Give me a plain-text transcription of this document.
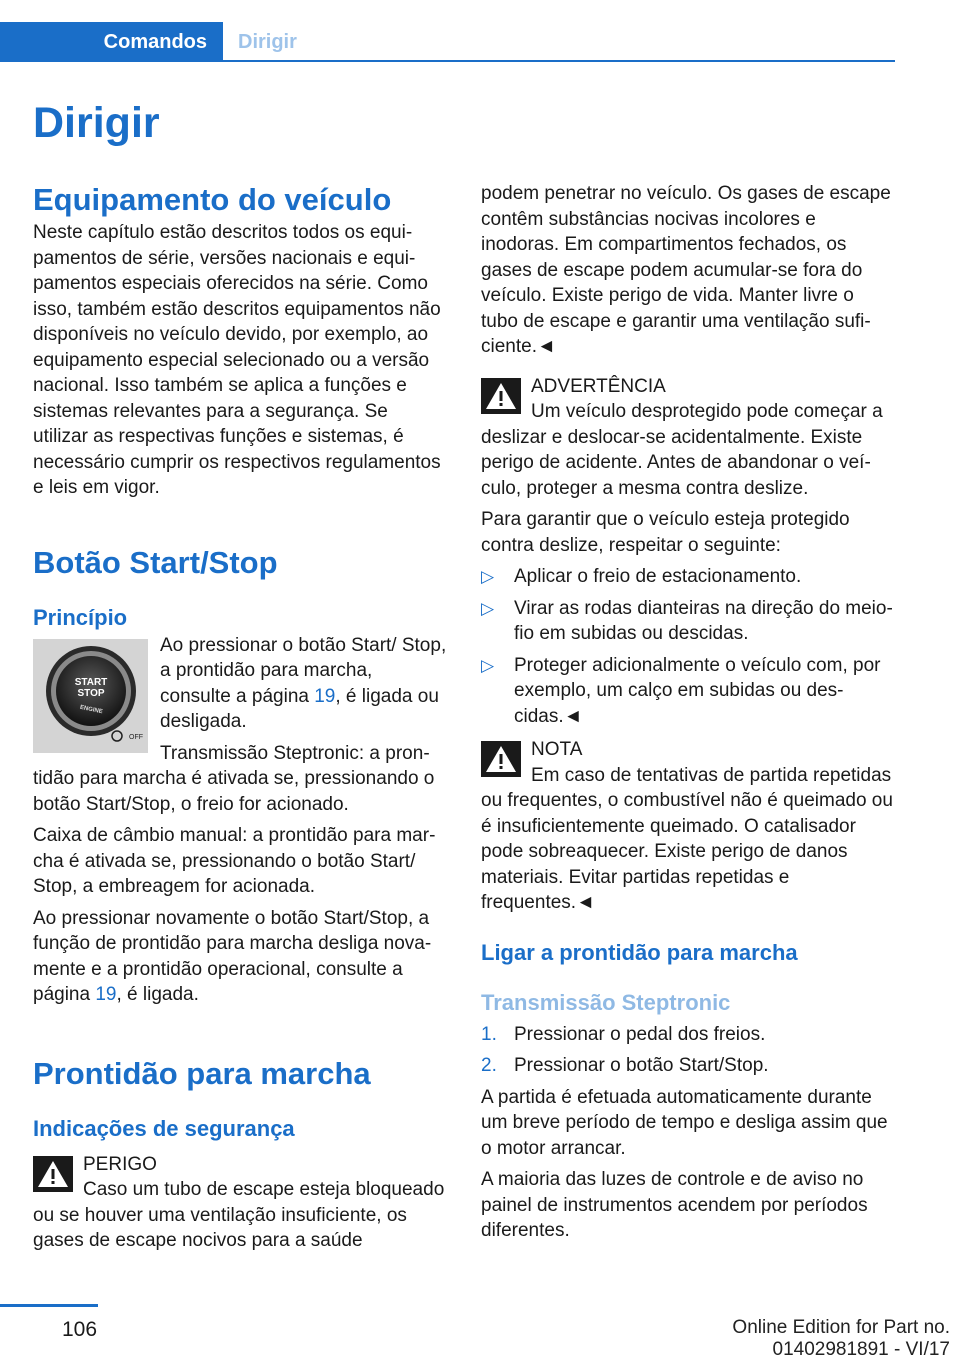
Comandos	Dirigir
Dirigir
Equipamento do veículo

Neste capítulo estão descritos todos os equipamentos de série, versões nacionais e equipamentos especiais oferecidos na série. Como isso, também estão descritos equipamentos não disponíveis no veículo devido, por exemplo, ao equipamento especial selecionado ou a versão nacional. Isso também se aplica a funções e sistemas relevantes para a segurança. Se utilizar as respectivas funções e sistemas, é necessário cumprir os respectivos regulamentos e leis em vigor.

Botão Start/Stop
Princípio
START
STOP
ENGINE
OFF

Ao pressionar o botão Start/ Stop, a prontidão para marcha, consulte a página 19, é ligada ou desligada.

Transmissão Steptronic: a prontidão para marcha é ativada se, pressionando o botão Start/Stop, o freio for acionado.

Caixa de câmbio manual: a prontidão para marcha é ativada se, pressionando o botão Start/ Stop, a embreagem for acionada.

Ao pressionar novamente o botão Start/Stop, a função de prontidão para marcha desliga novamente e a prontidão operacional, consulte a página 19, é ligada.

Prontidão para marcha
Indicações de segurança
PERIGO
Caso um tubo de escape esteja bloqueado ou se houver uma ventilação insuficiente, os gases de escape nocivos para a saúde

podem penetrar no veículo. Os gases de escape contêm substâncias nocivas incolores e inodoras. Em compartimentos fechados, os gases de escape podem acumular-se fora do veículo. Existe perigo de vida. Manter livre o tubo de escape e garantir uma ventilação suficiente.◄

ADVERTÊNCIA
Um veículo desprotegido pode começar a deslizar e deslocar-se acidentalmente. Existe perigo de acidente. Antes de abandonar o veículo, proteger a mesma contra deslize.

Para garantir que o veículo esteja protegido contra deslize, respeitar o seguinte:

▷ Aplicar o freio de estacionamento.
▷ Virar as rodas dianteiras na direção do meio-fio em subidas ou descidas.
▷ Proteger adicionalmente o veículo com, por exemplo, um calço em subidas ou descidas.◄
NOTA
Em caso de tentativas de partida repetidas ou frequentes, o combustível não é queimado ou é insuficientemente queimado. O catalisador pode sobreaquecer. Existe perigo de danos materiais. Evitar partidas repetidas e frequentes.◄
Ligar a prontidão para marcha
Transmissão Steptronic
1. Pressionar o pedal dos freios.
2. Pressionar o botão Start/Stop.

A partida é efetuada automaticamente durante um breve período de tempo e desliga assim que o motor arrancar.

A maioria das luzes de controle e de aviso no painel de instrumentos acendem por períodos diferentes.

106	Online Edition for Part no. 01402981891 - VI/17
